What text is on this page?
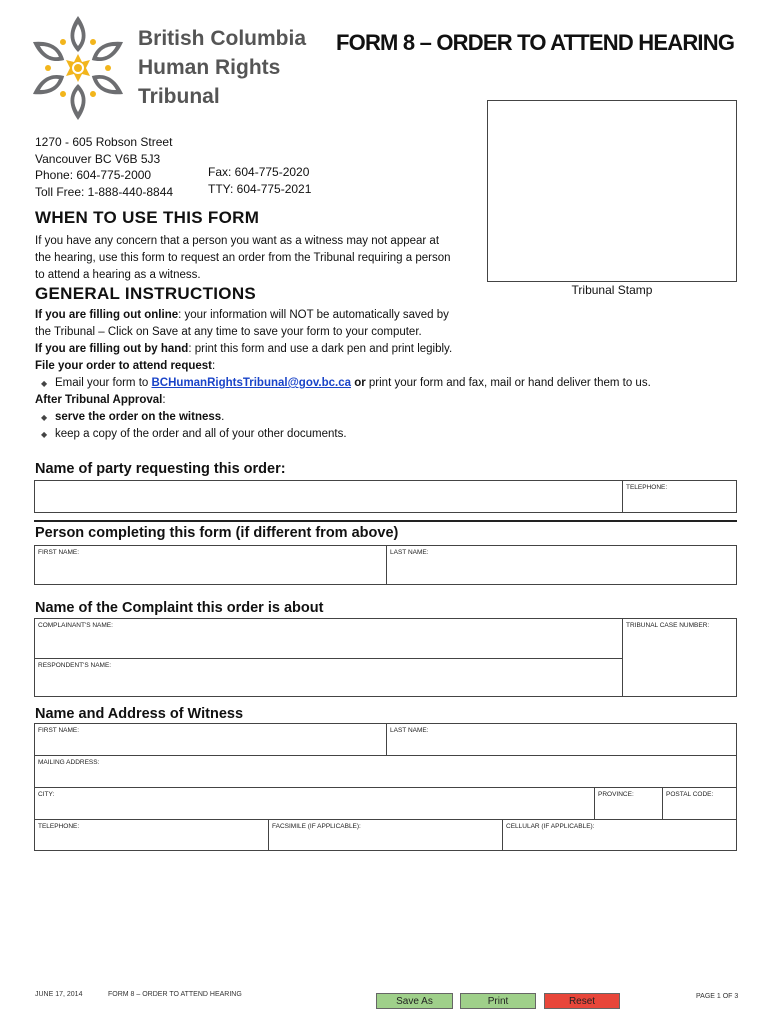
British Columbia
Human Rights
Tribunal
FORM 8 – ORDER TO ATTEND HEARING
Tribunal Stamp
1270 - 605 Robson Street
Vancouver BC V6B 5J3
Phone: 604-775-2000
Toll Free: 1-888-440-8844
Fax: 604-775-2020
TTY: 604-775-2021
WHEN TO USE THIS FORM
If you have any concern that a person you want as a witness may not appear at
the hearing, use this form to request an order from the Tribunal requiring a person
to attend a hearing as a witness.
GENERAL INSTRUCTIONS
If you are filling out online: your information will NOT be automatically saved by
the Tribunal – Click on Save at any time to save your form to your computer.
If you are filling out by hand: print this form and use a dark pen and print legibly.
File your order to attend request:
◆ Email your form to BCHumanRightsTribunal@gov.bc.ca or print your form and fax, mail or hand deliver them to us.
After Tribunal Approval:
◆ serve the order on the witness.
◆ keep a copy of the order and all of your other documents.
Name of party requesting this order:
TELEPHONE:
Person completing this form (if different from above)
FIRST NAME:	LAST NAME:
Name of the Complaint this order is about
COMPLAINANT'S NAME:	TRIBUNAL CASE NUMBER:
RESPONDENT'S NAME:
Name and Address of Witness
FIRST NAME:	LAST NAME:
MAILING ADDRESS:
CITY:	PROVINCE:	POSTAL CODE:
TELEPHONE:	FACSIMILE (IF APPLICABLE):	CELLULAR (IF APPLICABLE):
JUNE 17, 2014	FORM 8 – ORDER TO ATTEND HEARING	PAGE 1 OF 3
Save As	Print	Reset
